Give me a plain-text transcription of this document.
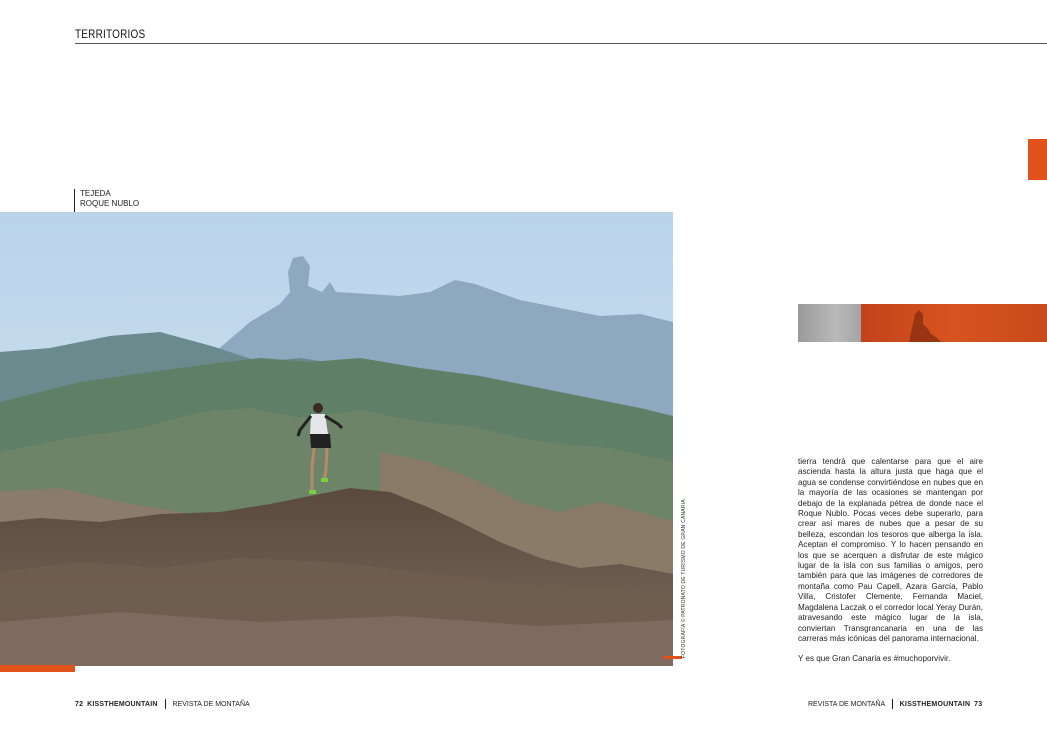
TERRITORIOS
TEJEDA
ROQUE NUBLO
FOTOGRAFÍA © PATRONATO DE TURISMO DE GRAN CANARIA

tierra tendrá que calentarse para que el aire ascienda hasta la altura justa que haga que el agua se condense convirtiéndose en nubes que en la mayoría de las ocasiones se mantengan por debajo de la explanada pétrea de donde nace el Roque Nublo. Pocas veces debe superarlo, para crear así mares de nubes que a pesar de su belleza, escondan los tesoros que alberga la isla. Aceptan el compromiso. Y lo hacen pensando en los que se acerquen a disfrutar de este mágico lugar de la isla con sus familias o amigos, pero también para que las imágenes de corredores de montaña como Pau Capell, Azara García, Pablo Villa, Cristofer Clemente, Fernanda Maciel, Magdalena Laczak o el corredor local Yeray Durán, atravesando este mágico lugar de la isla, conviertan Transgrancanaria en una de las carreras más icónicas del panorama internacional.

Y es que Gran Canaria es #muchoporvivir.

72 KISSTHEMOUNTAIN REVISTA DE MONTAÑA	REVISTA DE MONTAÑA KISSTHEMOUNTAIN 73
